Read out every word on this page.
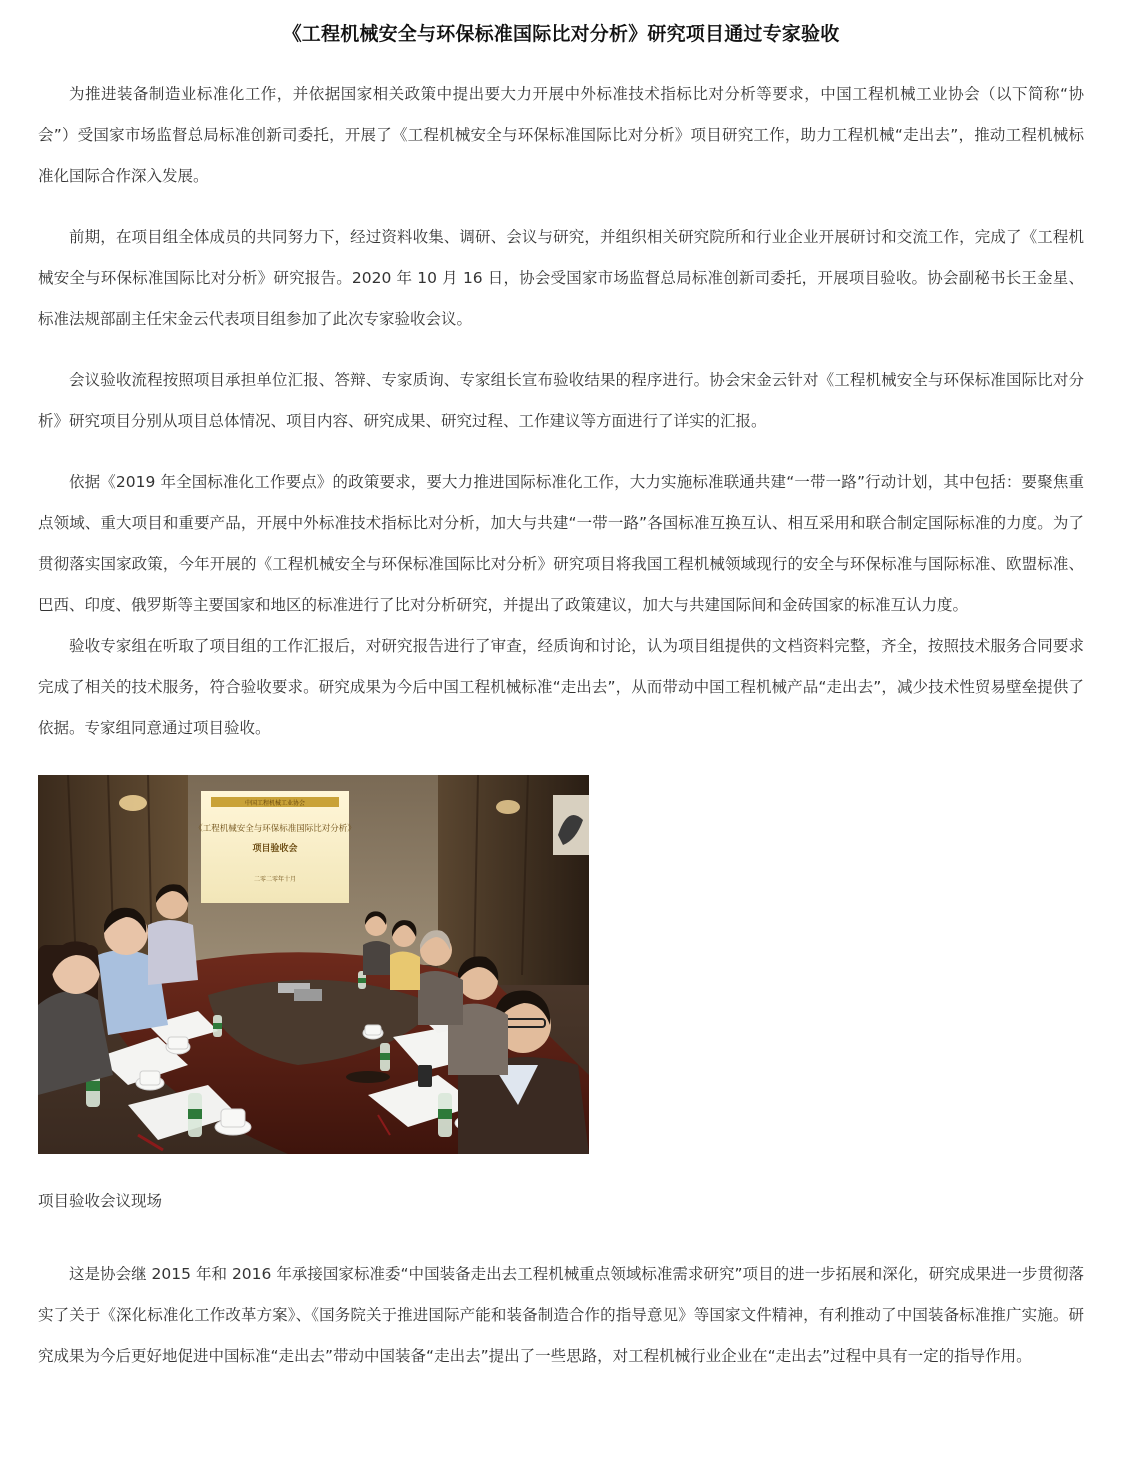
《工程机械安全与环保标准国际比对分析》研究项目通过专家验收

为推进装备制造业标准化工作，并依据国家相关政策中提出要大力开展中外标准技术指标比对分析等要求，中国工程机械工业协会（以下简称“协会”）受国家市场监督总局标准创新司委托，开展了《工程机械安全与环保标准国际比对分析》项目研究工作，助力工程机械“走出去”，推动工程机械标准化国际合作深入发展。

前期，在项目组全体成员的共同努力下，经过资料收集、调研、会议与研究，并组织相关研究院所和行业企业开展研讨和交流工作，完成了《工程机械安全与环保标准国际比对分析》研究报告。2020 年 10 月 16 日，协会受国家市场监督总局标准创新司委托，开展项目验收。协会副秘书长王金星、标准法规部副主任宋金云代表项目组参加了此次专家验收会议。

会议验收流程按照项目承担单位汇报、答辩、专家质询、专家组长宣布验收结果的程序进行。协会宋金云针对《工程机械安全与环保标准国际比对分析》研究项目分别从项目总体情况、项目内容、研究成果、研究过程、工作建议等方面进行了详实的汇报。

依据《2019 年全国标准化工作要点》的政策要求，要大力推进国际标准化工作，大力实施标准联通共建“一带一路”行动计划，其中包括：要聚焦重点领域、重大项目和重要产品，开展中外标准技术指标比对分析，加大与共建“一带一路”各国标准互换互认、相互采用和联合制定国际标准的力度。为了贯彻落实国家政策，今年开展的《工程机械安全与环保标准国际比对分析》研究项目将我国工程机械领域现行的安全与环保标准与国际标准、欧盟标准、巴西、印度、俄罗斯等主要国家和地区的标准进行了比对分析研究，并提出了政策建议，加大与共建国际间和金砖国家的标准互认力度。

验收专家组在听取了项目组的工作汇报后，对研究报告进行了审查，经质询和讨论，认为项目组提供的文档资料完整，齐全，按照技术服务合同要求完成了相关的技术服务，符合验收要求。研究成果为今后中国工程机械标准“走出去”，从而带动中国工程机械产品“走出去”，减少技术性贸易壁垒提供了依据。专家组同意通过项目验收。

中国工程机械工业协会
《工程机械安全与环保标准国际比对分析》
项目验收会
二零二零年十月

项目验收会议现场

这是协会继 2015 年和 2016 年承接国家标准委“中国装备走出去工程机械重点领域标准需求研究”项目的进一步拓展和深化，研究成果进一步贯彻落实了关于《深化标准化工作改革方案》、《国务院关于推进国际产能和装备制造合作的指导意见》等国家文件精神，有利推动了中国装备标准推广实施。研究成果为今后更好地促进中国标准“走出去”带动中国装备“走出去”提出了一些思路，对工程机械行业企业在“走出去”过程中具有一定的指导作用。
